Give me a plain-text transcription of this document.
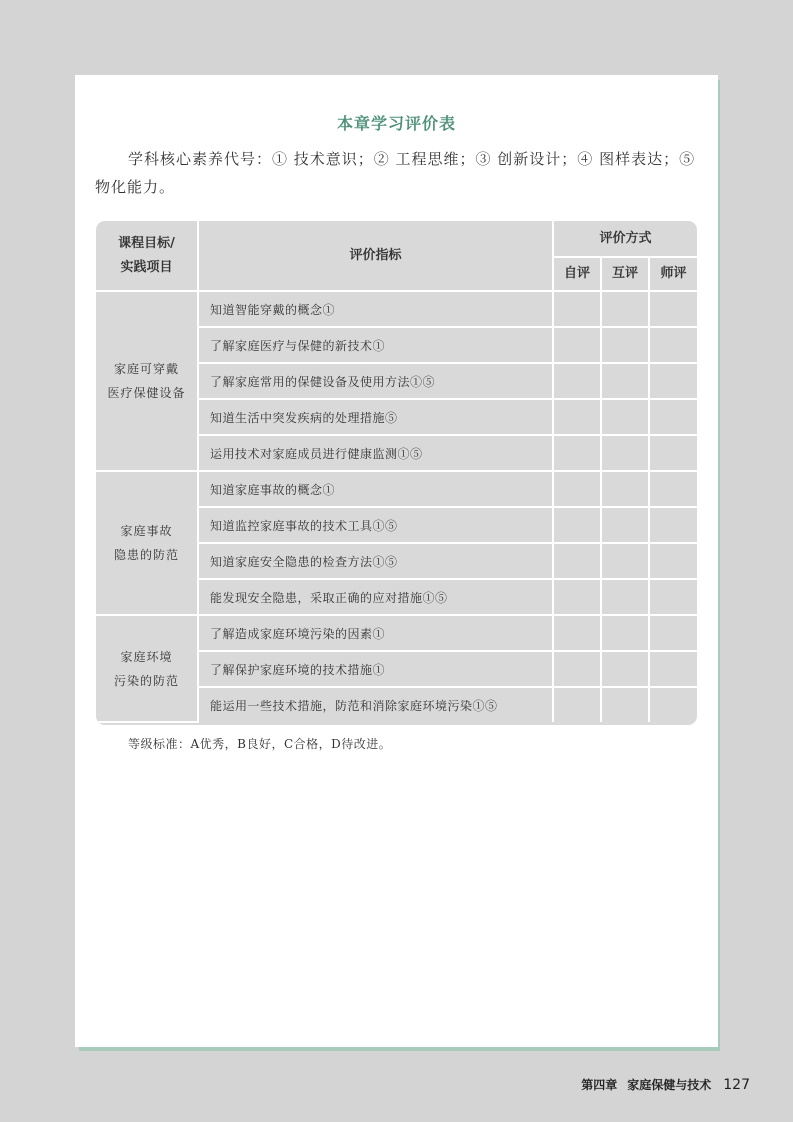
本章学习评价表
学科核心素养代号：① 技术意识；② 工程思维；③ 创新设计；④ 图样表达；⑤ 物化能力。
课程目标/
实践项目	评价指标	评价方式		
		自评	互评	师评
家庭可穿戴
医疗保健设备	知道智能穿戴的概念①			
	了解家庭医疗与保健的新技术①			
	了解家庭常用的保健设备及使用方法①⑤			
	知道生活中突发疾病的处理措施⑤			
	运用技术对家庭成员进行健康监测①⑤			
家庭事故
隐患的防范	知道家庭事故的概念①			
	知道监控家庭事故的技术工具①⑤			
	知道家庭安全隐患的检查方法①⑤			
	能发现安全隐患，采取正确的应对措施①⑤			
家庭环境
污染的防范	了解造成家庭环境污染的因素①			
	了解保护家庭环境的技术措施①			
	能运用一些技术措施，防范和消除家庭环境污染①⑤			
等级标准：A优秀，B良好，C合格，D待改进。
第四章 家庭保健与技术 127
